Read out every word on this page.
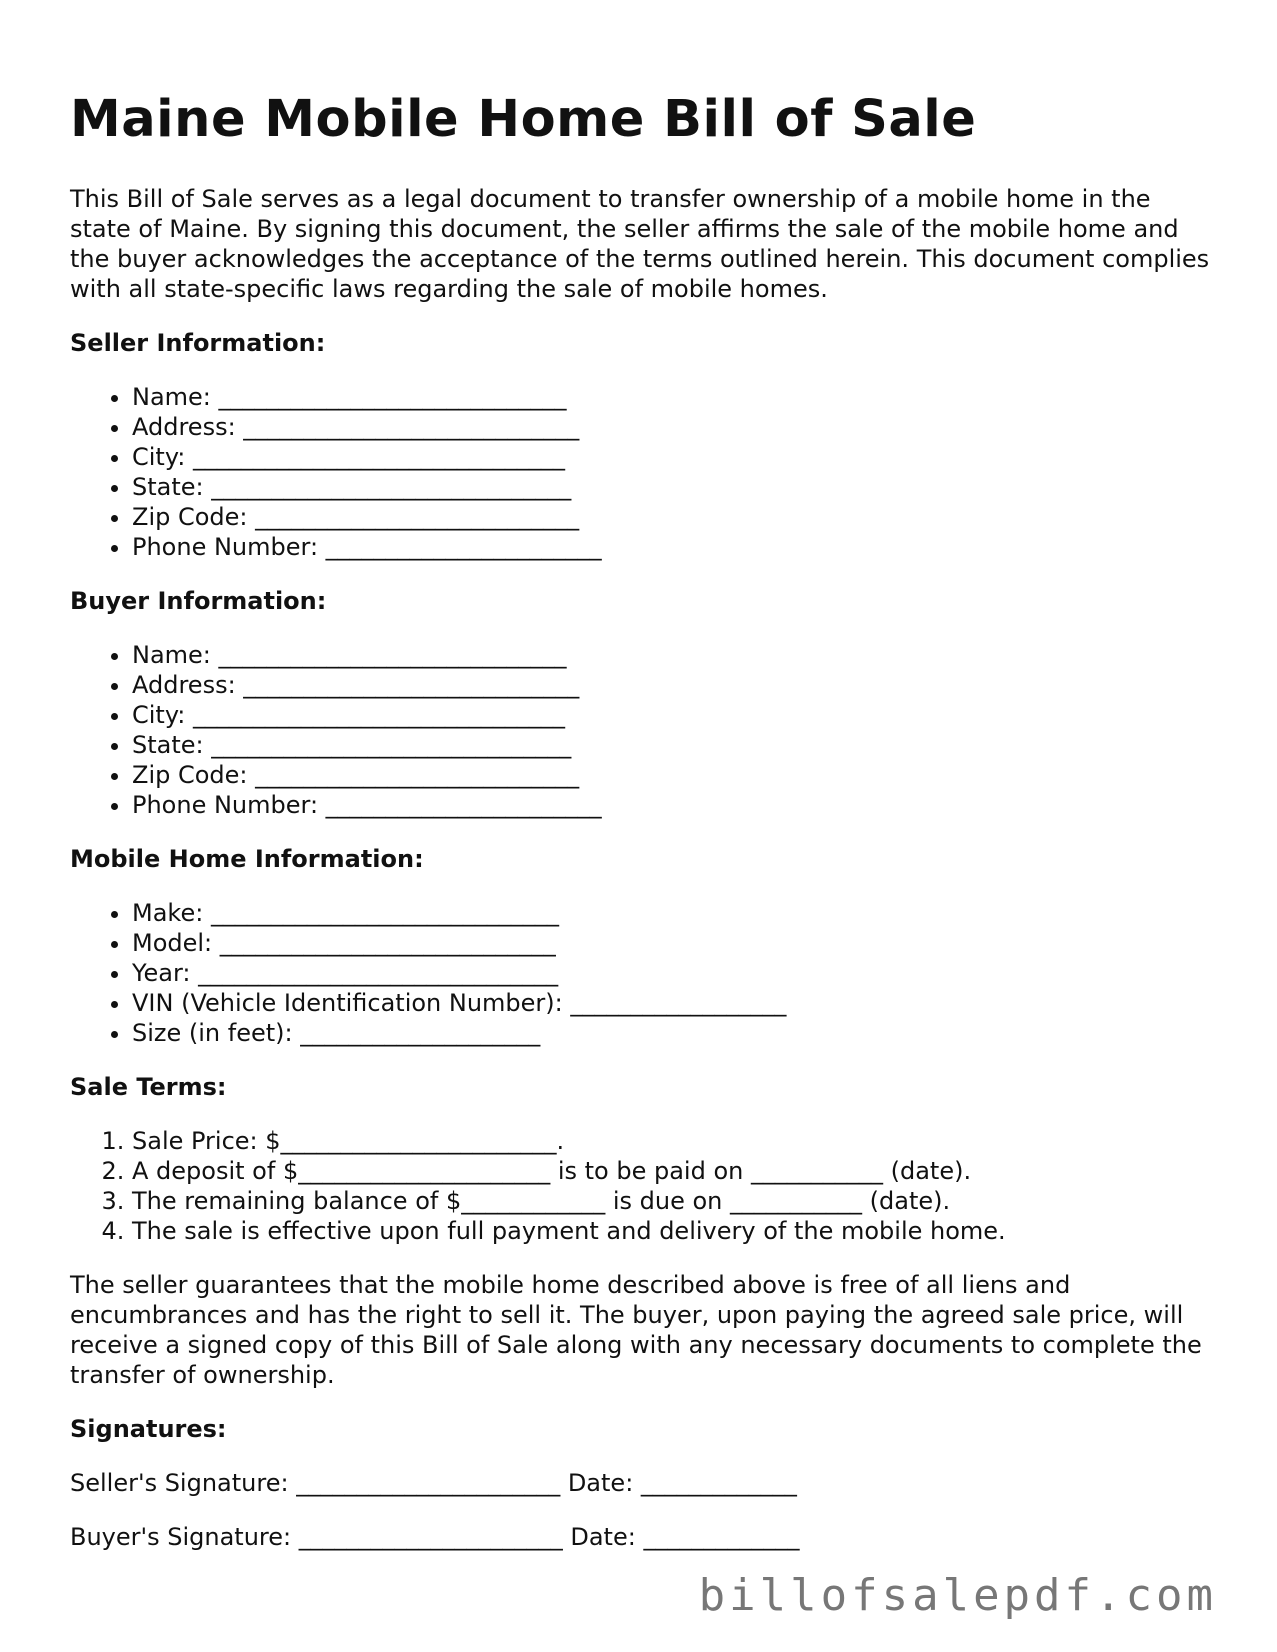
Maine Mobile Home Bill of Sale

This Bill of Sale serves as a legal document to transfer ownership of a mobile home in the state of Maine. By signing this document, the seller affirms the sale of the mobile home and the buyer acknowledges the acceptance of the terms outlined herein. This document complies with all state-specific laws regarding the sale of mobile homes.

Seller Information:
• Name: _____________________________
• Address: ____________________________
• City: _______________________________
• State: ______________________________
• Zip Code: ___________________________
• Phone Number: _______________________
Buyer Information:
• Name: _____________________________
• Address: ____________________________
• City: _______________________________
• State: ______________________________
• Zip Code: ___________________________
• Phone Number: _______________________
Mobile Home Information:
• Make: _____________________________
• Model: ____________________________
• Year: ______________________________
• VIN (Vehicle Identification Number): __________________
• Size (in feet): ____________________
Sale Terms:
1. Sale Price: $_______________________.
2. A deposit of $_____________________ is to be paid on ___________ (date).
3. The remaining balance of $____________ is due on ___________ (date).
4. The sale is effective upon full payment and delivery of the mobile home.

The seller guarantees that the mobile home described above is free of all liens and encumbrances and has the right to sell it. The buyer, upon paying the agreed sale price, will receive a signed copy of this Bill of Sale along with any necessary documents to complete the transfer of ownership.

Signatures:
Seller's Signature: ______________________ Date: _____________
Buyer's Signature: ______________________ Date: _____________
billofsalepdf.com
